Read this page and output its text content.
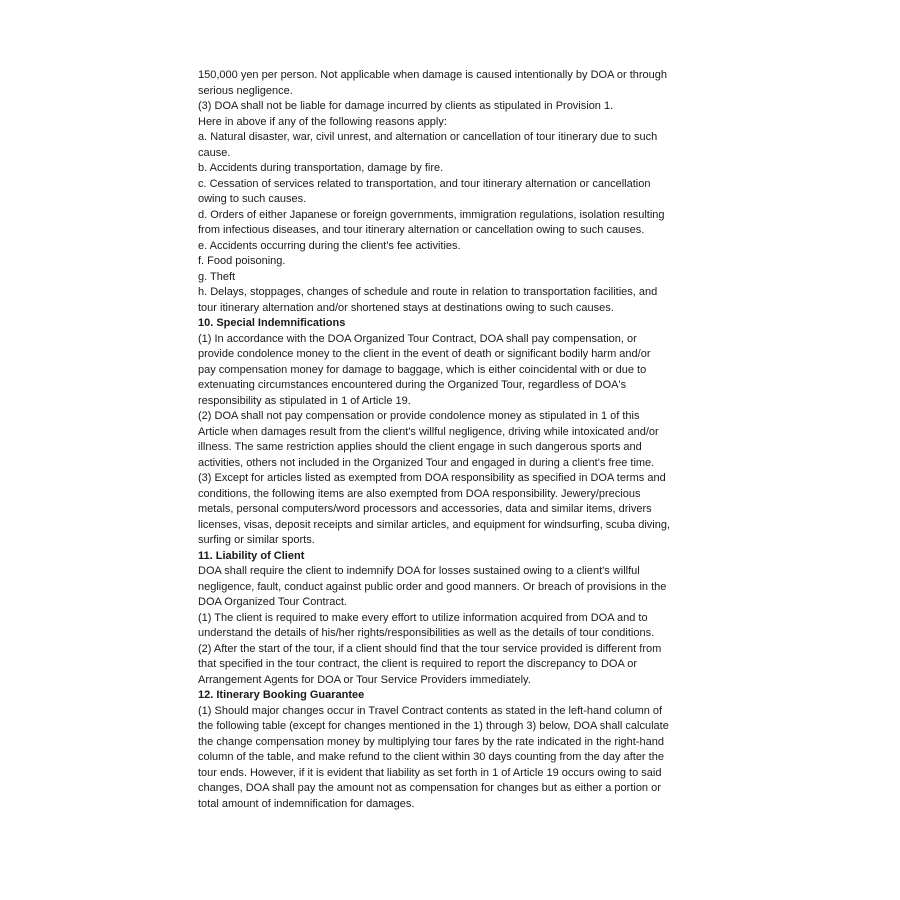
150,000 yen per person. Not applicable when damage is caused intentionally by DOA or through
serious negligence.
(3) DOA shall not be liable for damage incurred by clients as stipulated in Provision 1.
Here in above if any of the following reasons apply:
a. Natural disaster, war, civil unrest, and alternation or cancellation of tour itinerary due to such
cause.
b. Accidents during transportation, damage by fire.
c. Cessation of services related to transportation, and tour itinerary alternation or cancellation
owing to such causes.
d. Orders of either Japanese or foreign governments, immigration regulations, isolation resulting
from infectious diseases, and tour itinerary alternation or cancellation owing to such causes.
e. Accidents occurring during the client's fee activities.
f. Food poisoning.
g. Theft
h. Delays, stoppages, changes of schedule and route in relation to transportation facilities, and
tour itinerary alternation and/or shortened stays at destinations owing to such causes.
10. Special Indemnifications
(1) In accordance with the DOA Organized Tour Contract, DOA shall pay compensation, or
provide condolence money to the client in the event of death or significant bodily harm and/or
pay compensation money for damage to baggage, which is either coincidental with or due to
extenuating circumstances encountered during the Organized Tour, regardless of DOA's
responsibility as stipulated in 1 of Article 19.
(2) DOA shall not pay compensation or provide condolence money as stipulated in 1 of this
Article when damages result from the client's willful negligence, driving while intoxicated and/or
illness. The same restriction applies should the client engage in such dangerous sports and
activities, others not included in the Organized Tour and engaged in during a client's free time.
(3) Except for articles listed as exempted from DOA responsibility as specified in DOA terms and
conditions, the following items are also exempted from DOA responsibility. Jewery/precious
metals, personal computers/word processors and accessories, data and similar items, drivers
licenses, visas, deposit receipts and similar articles, and equipment for windsurfing, scuba diving,
surfing or similar sports.
11. Liability of Client
DOA shall require the client to indemnify DOA for losses sustained owing to a client's willful
negligence, fault, conduct against public order and good manners. Or breach of provisions in the
DOA Organized Tour Contract.
(1) The client is required to make every effort to utilize information acquired from DOA and to
understand the details of his/her rights/responsibilities as well as the details of tour conditions.
(2) After the start of the tour, if a client should find that the tour service provided is different from
that specified in the tour contract, the client is required to report the discrepancy to DOA or
Arrangement Agents for DOA or Tour Service Providers immediately.
12. Itinerary Booking Guarantee
(1) Should major changes occur in Travel Contract contents as stated in the left-hand column of
the following table (except for changes mentioned in the 1) through 3) below, DOA shall calculate
the change compensation money by multiplying tour fares by the rate indicated in the right-hand
column of the table, and make refund to the client within 30 days counting from the day after the
tour ends. However, if it is evident that liability as set forth in 1 of Article 19 occurs owing to said
changes, DOA shall pay the amount not as compensation for changes but as either a portion or
total amount of indemnification for damages.
